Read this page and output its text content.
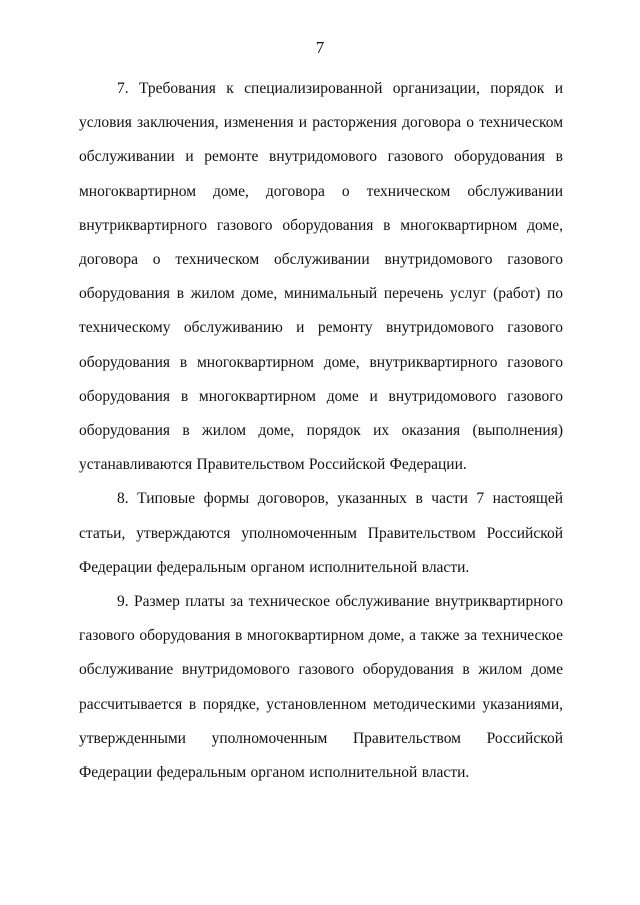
7

7. Требования к специализированной организации, порядок и условия заключения, изменения и расторжения договора о техническом обслуживании и ремонте внутридомового газового оборудования в многоквартирном доме, договора о техническом обслуживании внутриквартирного газового оборудования в многоквартирном доме, договора о техническом обслуживании внутридомового газового оборудования в жилом доме, минимальный перечень услуг (работ) по техническому обслуживанию и ремонту внутридомового газового оборудования в многоквартирном доме, внутриквартирного газового оборудования в многоквартирном доме и внутридомового газового оборудования в жилом доме, порядок их оказания (выполнения) устанавливаются Правительством Российской Федерации.

8. Типовые формы договоров, указанных в части 7 настоящей статьи, утверждаются уполномоченным Правительством Российской Федерации федеральным органом исполнительной власти.

9. Размер платы за техническое обслуживание внутриквартирного газового оборудования в многоквартирном доме, а также за техническое обслуживание внутридомового газового оборудования в жилом доме рассчитывается в порядке, установленном методическими указаниями, утвержденными уполномоченным Правительством Российской Федерации федеральным органом исполнительной власти.
